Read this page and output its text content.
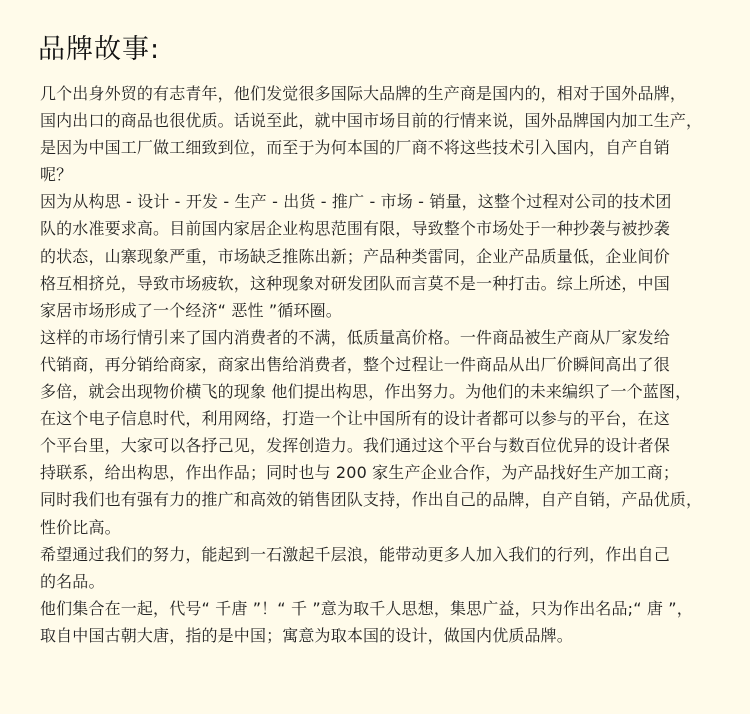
品牌故事:

几个出身外贸的有志青年，他们发觉很多国际大品牌的生产商是国内的，相对于国外品牌，
国内出口的商品也很优质。话说至此，就中国市场目前的行情来说，国外品牌国内加工生产，
是因为中国工厂做工细致到位，而至于为何本国的厂商不将这些技术引入国内，自产自销
呢？

因为从构思 - 设计 - 开发 - 生产 - 出货 - 推广 - 市场 - 销量，这整个过程对公司的技术团
队的水准要求高。目前国内家居企业构思范围有限，导致整个市场处于一种抄袭与被抄袭
的状态，山寨现象严重，市场缺乏推陈出新；产品种类雷同，企业产品质量低，企业间价
格互相挤兑，导致市场疲软，这种现象对研发团队而言莫不是一种打击。综上所述，中国
家居市场形成了一个经济“ 恶性 ”循环圈。

这样的市场行情引来了国内消费者的不满，低质量高价格。一件商品被生产商从厂家发给
代销商，再分销给商家，商家出售给消费者，整个过程让一件商品从出厂价瞬间高出了很
多倍，就会出现物价横飞的现象 他们提出构思，作出努力。为他们的未来编织了一个蓝图，
在这个电子信息时代，利用网络，打造一个让中国所有的设计者都可以参与的平台，在这
个平台里，大家可以各抒己见，发挥创造力。我们通过这个平台与数百位优异的设计者保
持联系，给出构思，作出作品；同时也与 200 家生产企业合作，为产品找好生产加工商；
同时我们也有强有力的推广和高效的销售团队支持，作出自己的品牌，自产自销，产品优质，
性价比高。

希望通过我们的努力，能起到一石激起千层浪，能带动更多人加入我们的行列，作出自己
的名品。

他们集合在一起，代号“ 千唐 ”！“ 千 ”意为取千人思想，集思广益，只为作出名品;“ 唐 ”，
取自中国古朝大唐，指的是中国；寓意为取本国的设计，做国内优质品牌。
